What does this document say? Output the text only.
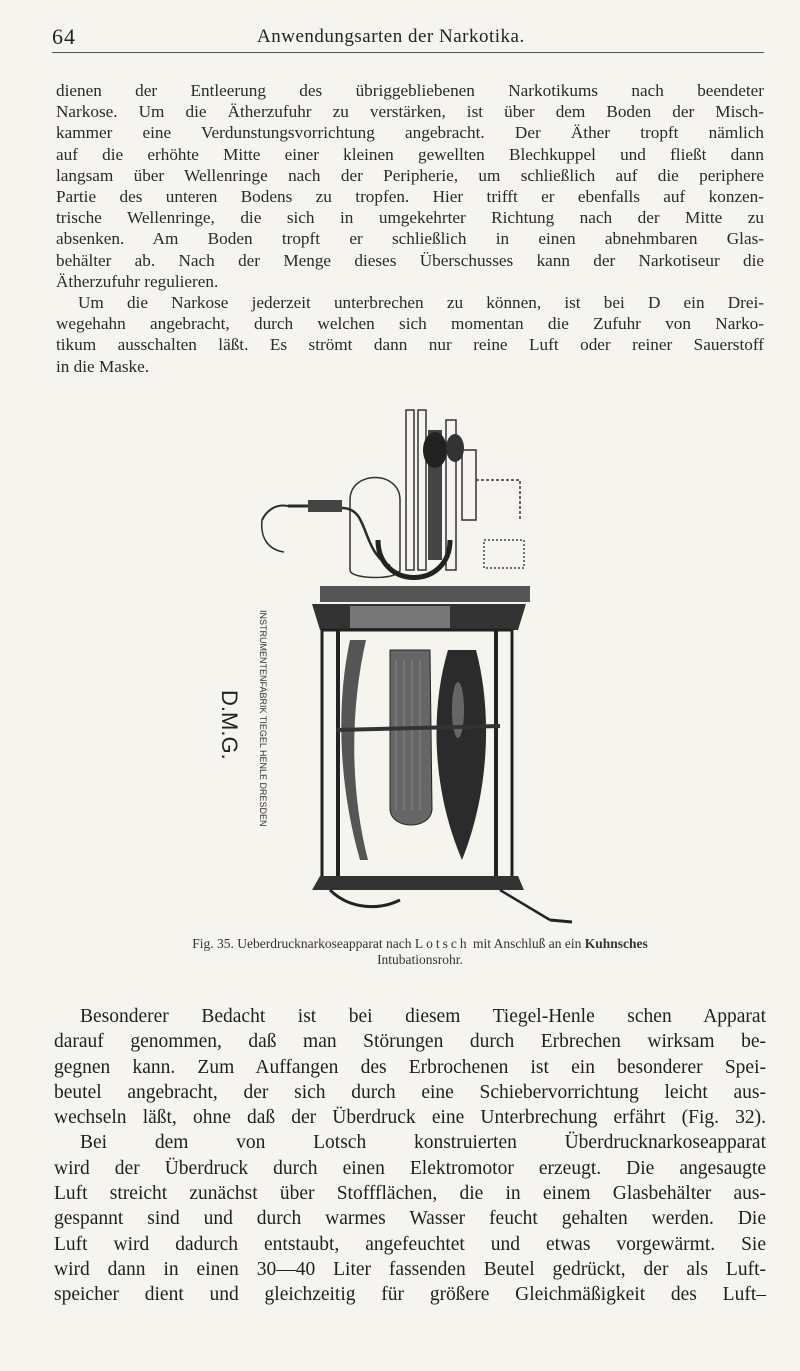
64	Anwendungsarten der Narkotika.

dienen der Entleerung des übriggebliebenen Narkotikums nach beendeter
Narkose. Um die Ätherzufuhr zu verstärken, ist über dem Boden der Misch-
kammer eine Verdunstungsvorrichtung angebracht. Der Äther tropft nämlich
auf die erhöhte Mitte einer kleinen gewellten Blechkuppel und fließt dann
langsam über Wellenringe nach der Peripherie, um schließlich auf die periphere
Partie des unteren Bodens zu tropfen. Hier trifft er ebenfalls auf konzen-
trische Wellenringe, die sich in umgekehrter Richtung nach der Mitte zu
absenken. Am Boden tropft er schließlich in einen abnehmbaren Glas-
behälter ab. Nach der Menge dieses Überschusses kann der Narkotiseur die
Ätherzufuhr regulieren.
Um die Narkose jederzeit unterbrechen zu können, ist bei D ein Drei-
wegehahn angebracht, durch welchen sich momentan die Zufuhr von Narko-
tikum ausschalten läßt. Es strömt dann nur reine Luft oder reiner Sauerstoff
in die Maske.

D.M.G. INSTRUMENTENFABRIK TIEGEL HENLE DRESDEN
Fig. 35. Ueberdrucknarkoseapparat nach Lotsch mit Anschluß an ein Kuhnsches
Intubationsrohr.

Besonderer Bedacht ist bei diesem Tiegel-Henle schen Apparat
darauf genommen, daß man Störungen durch Erbrechen wirksam be-
gegnen kann. Zum Auffangen des Erbrochenen ist ein besonderer Spei-
beutel angebracht, der sich durch eine Schiebervorrichtung leicht aus-
wechseln läßt, ohne daß der Überdruck eine Unterbrechung erfährt (Fig. 32).
Bei dem von Lotsch konstruierten Überdrucknarkoseapparat
wird der Überdruck durch einen Elektromotor erzeugt. Die angesaugte
Luft streicht zunächst über Stoffflächen, die in einem Glasbehälter aus-
gespannt sind und durch warmes Wasser feucht gehalten werden. Die
Luft wird dadurch entstaubt, angefeuchtet und etwas vorgewärmt. Sie
wird dann in einen 30—40 Liter fassenden Beutel gedrückt, der als Luft-
speicher dient und gleichzeitig für größere Gleichmäßigkeit des Luft–
